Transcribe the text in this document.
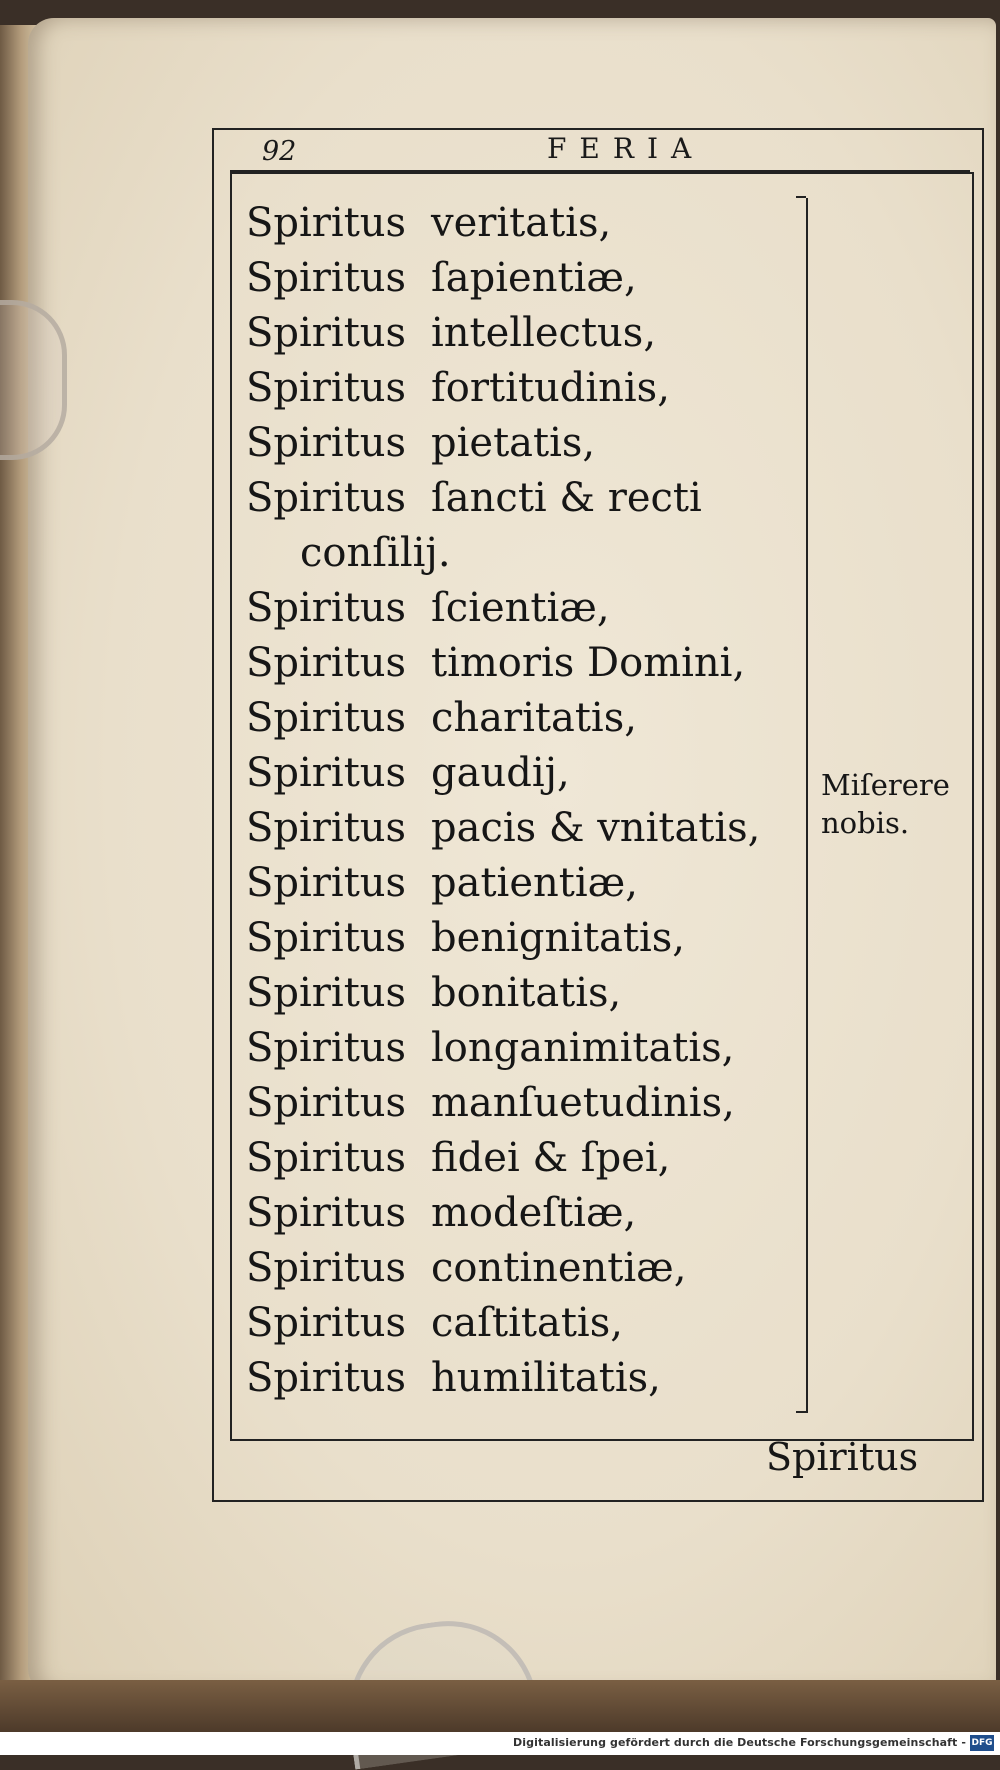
92	FERIA
Spiritus veritatis,
Spiritus ſapientiæ,
Spiritus intellectus,
Spiritus fortitudinis,
Spiritus pietatis,
Spiritus ſancti & recti
conſilij.
Spiritus ſcientiæ,
Spiritus timoris Domini,
Spiritus charitatis,
Spiritus gaudij,
Spiritus pacis & vnitatis,
Spiritus patientiæ,
Spiritus benignitatis,
Spiritus bonitatis,
Spiritus longanimitatis,
Spiritus manſuetudinis,
Spiritus fidei & ſpei,
Spiritus modeſtiæ,
Spiritus continentiæ,
Spiritus caſtitatis,
Spiritus humilitatis,
Miſerere
nobis.
Spiritus
Digitalisierung gefördert durch die Deutsche Forschungsgemeinschaft - DFG
